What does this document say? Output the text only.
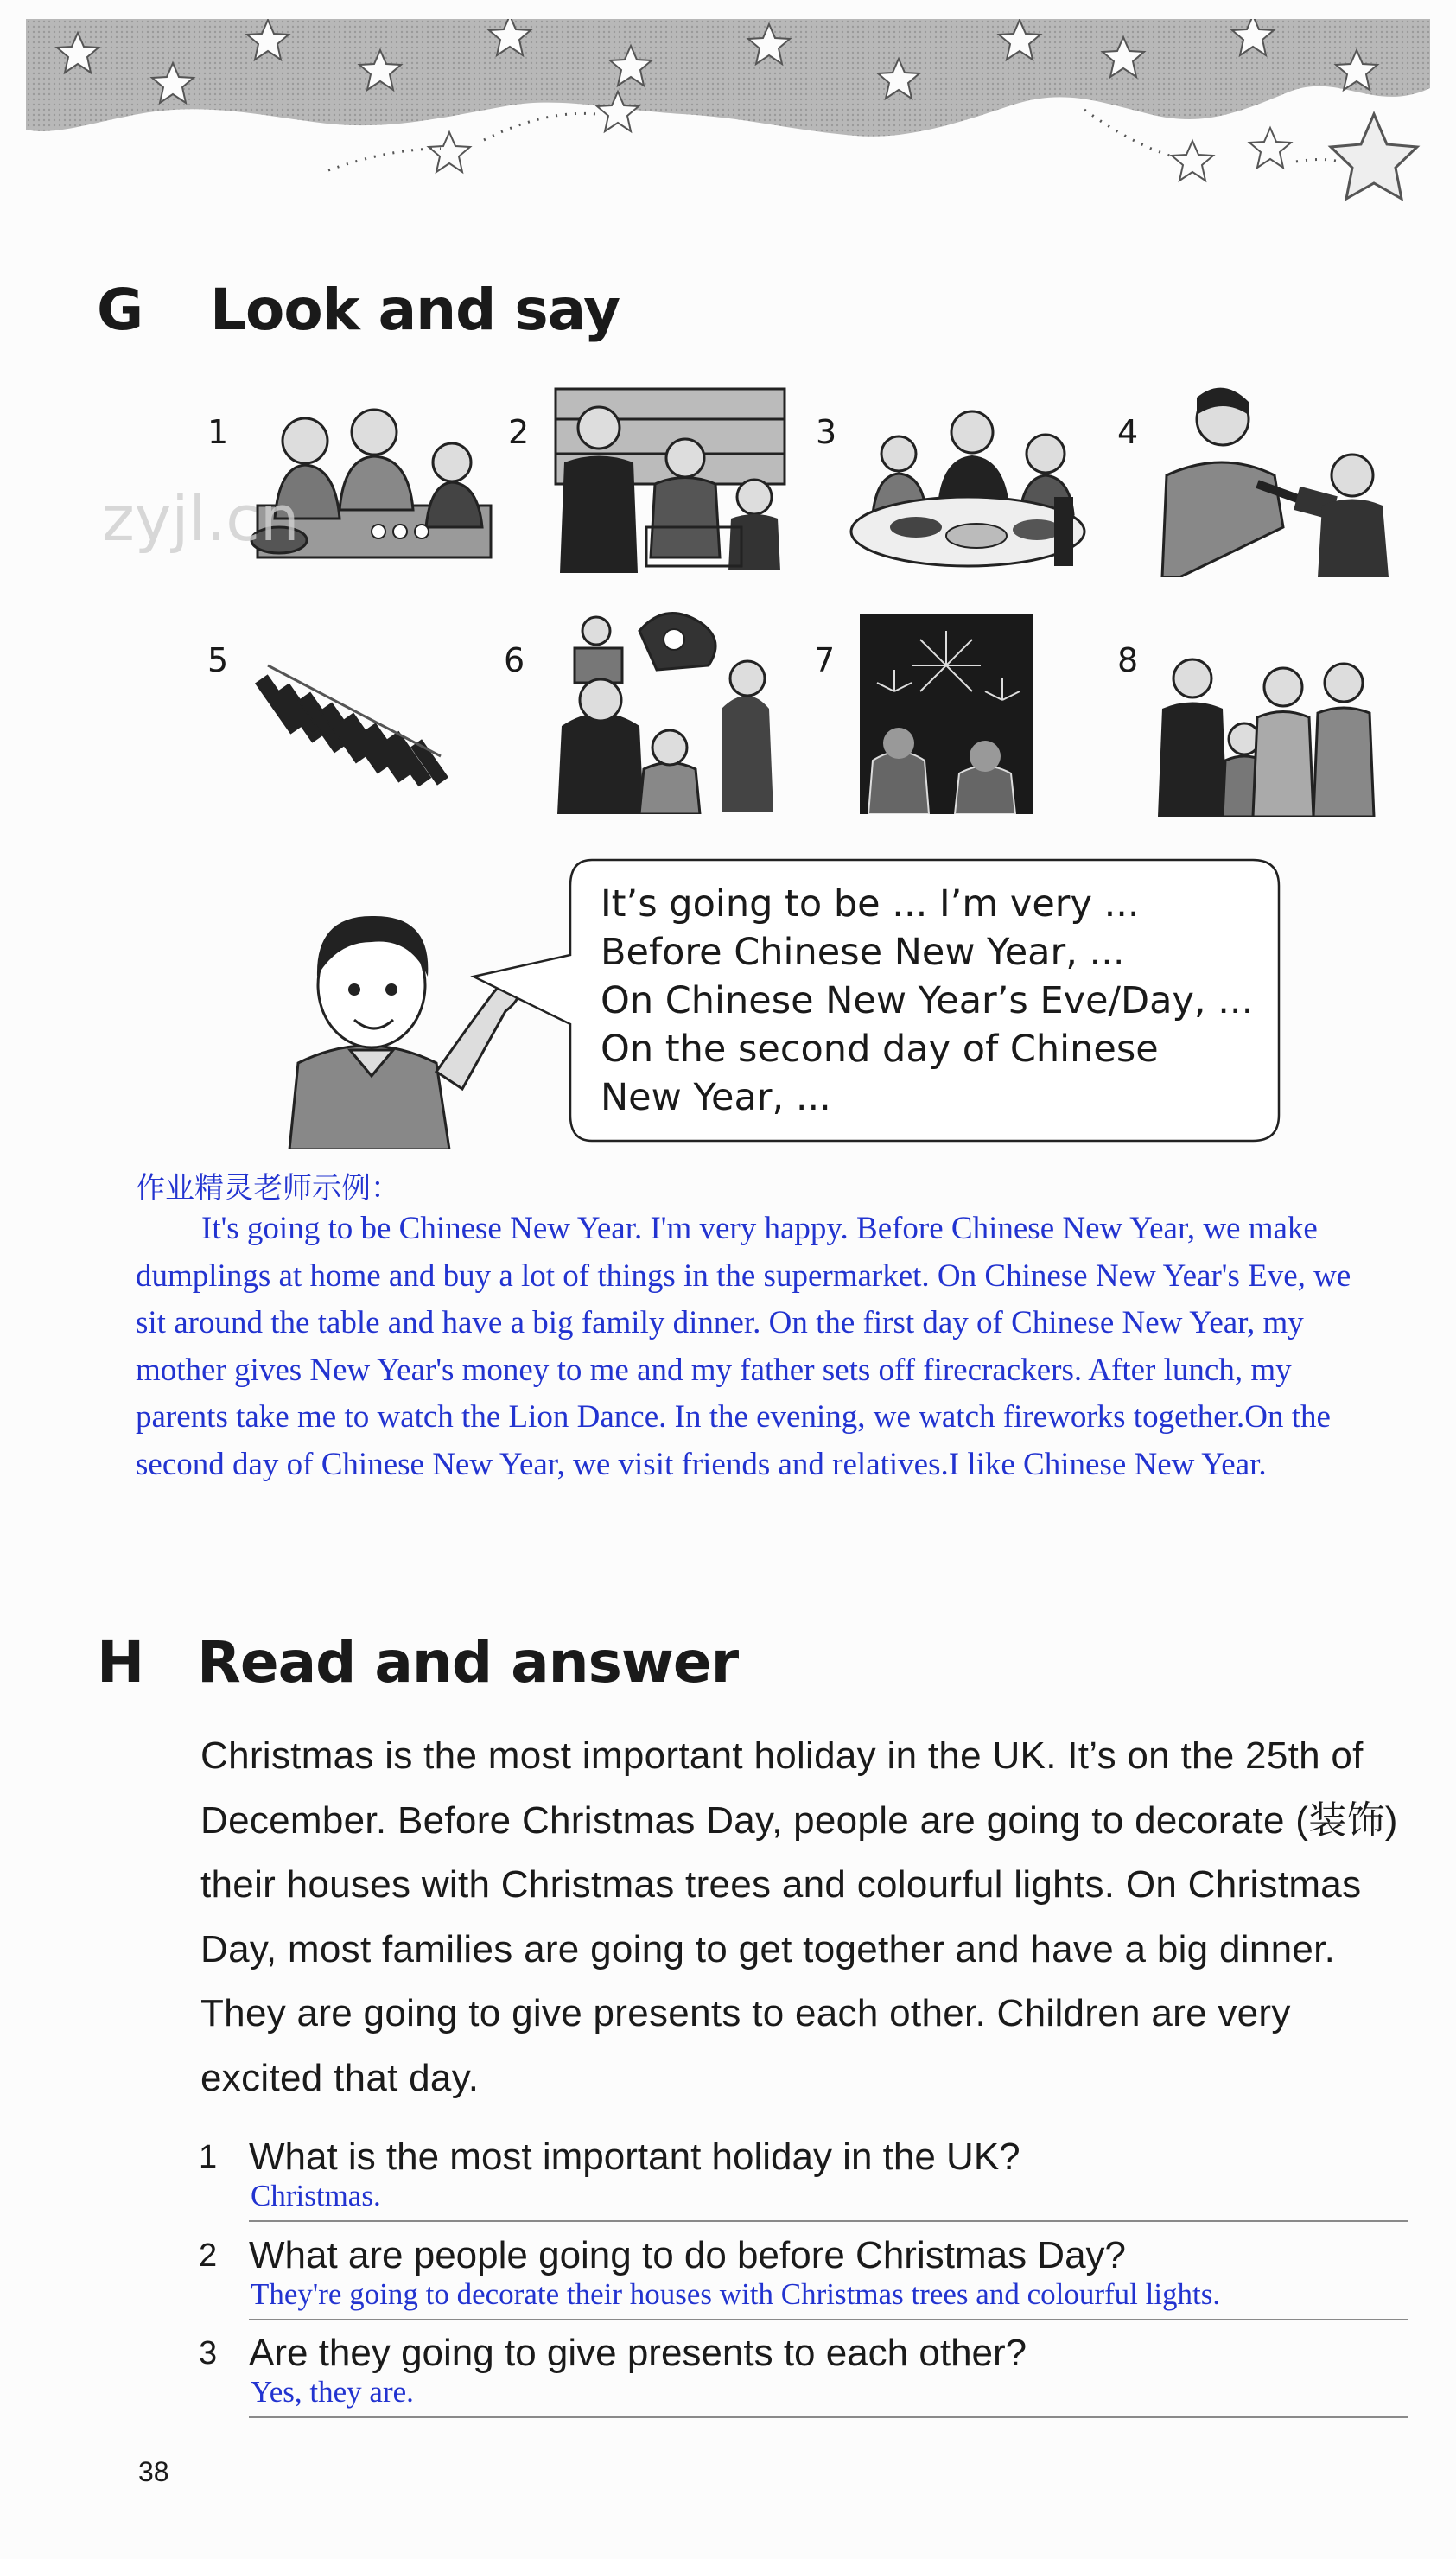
G Look and say
1	2	3	4
zyjl.cn
5	6	7	8
It’s going to be ... I’m very ...
Before Chinese New Year, ...
On Chinese New Year’s Eve/Day, ...
On the second day of Chinese
New Year, ...
作业精灵老师示例：
It's going to be Chinese New Year. I'm very happy. Before Chinese New Year, we make dumplings at home and buy a lot of things in the supermarket. On Chinese New Year's Eve, we sit around the table and have a big family dinner. On the first day of Chinese New Year, my mother gives New Year's money to me and my father sets off firecrackers. After lunch, my parents take me to watch the Lion Dance. In the evening, we watch fireworks together.On the second day of Chinese New Year, we visit friends and relatives.I like Chinese New Year.
H Read and answer
Christmas is the most important holiday in the UK. It’s on the 25th of December. Before Christmas Day, people are going to decorate (装饰) their houses with Christmas trees and colourful lights. On Christmas Day, most families are going to get together and have a big dinner. They are going to give presents to each other. Children are very excited that day.
1 What is the most important holiday in the UK?
Christmas.
2 What are people going to do before Christmas Day?
They're going to decorate their houses with Christmas trees and colourful lights.
3 Are they going to give presents to each other?
Yes, they are.
38
